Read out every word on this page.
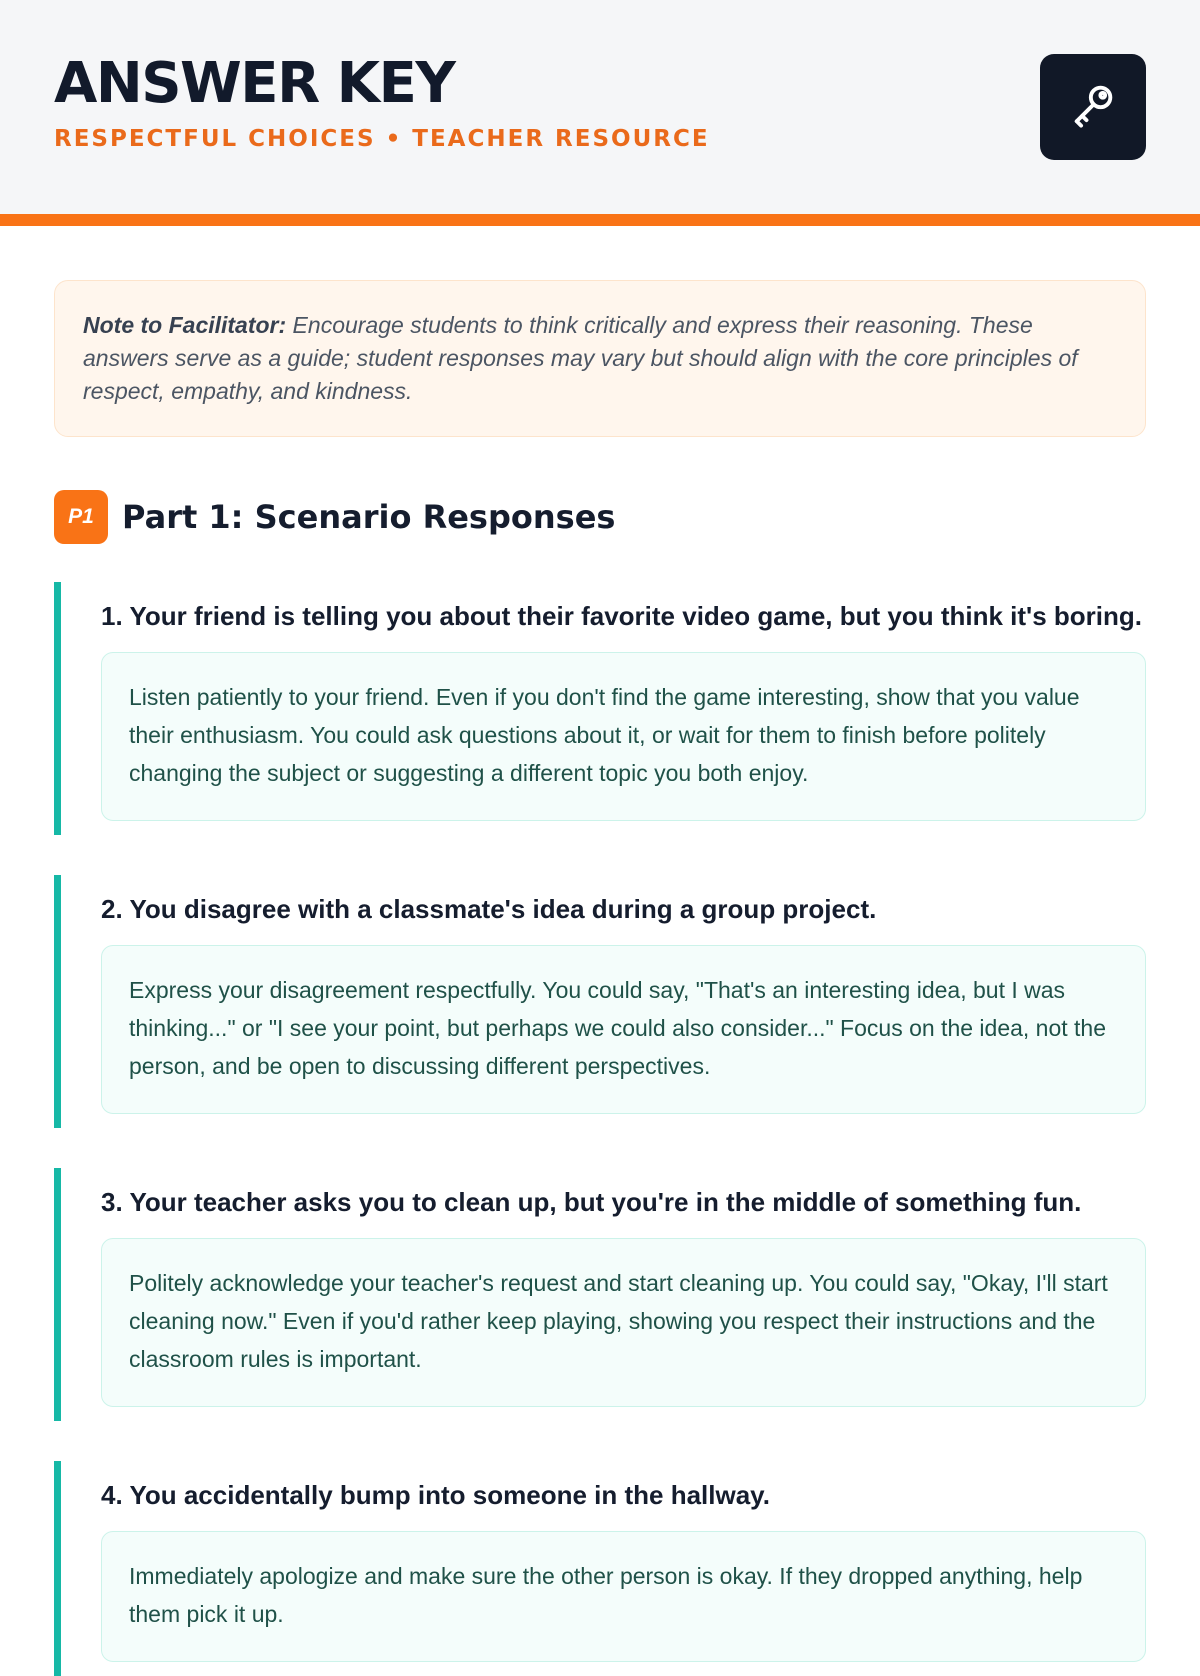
ANSWER KEY
RESPECTFUL CHOICES • TEACHER RESOURCE
Note to Facilitator: Encourage students to think critically and express their reasoning. These answers serve as a guide; student responses may vary but should align with the core principles of respect, empathy, and kindness.
P1 Part 1: Scenario Responses

1. Your friend is telling you about their favorite video game, but you think it's boring.

Listen patiently to your friend. Even if you don't find the game interesting, show that you value their enthusiasm. You could ask questions about it, or wait for them to finish before politely changing the subject or suggesting a different topic you both enjoy.

2. You disagree with a classmate's idea during a group project.

Express your disagreement respectfully. You could say, "That's an interesting idea, but I was thinking..." or "I see your point, but perhaps we could also consider..." Focus on the idea, not the person, and be open to discussing different perspectives.

3. Your teacher asks you to clean up, but you're in the middle of something fun.

Politely acknowledge your teacher's request and start cleaning up. You could say, "Okay, I'll start cleaning now." Even if you'd rather keep playing, showing you respect their instructions and the classroom rules is important.

4. You accidentally bump into someone in the hallway.

Immediately apologize and make sure the other person is okay. If they dropped anything, help them pick it up.
